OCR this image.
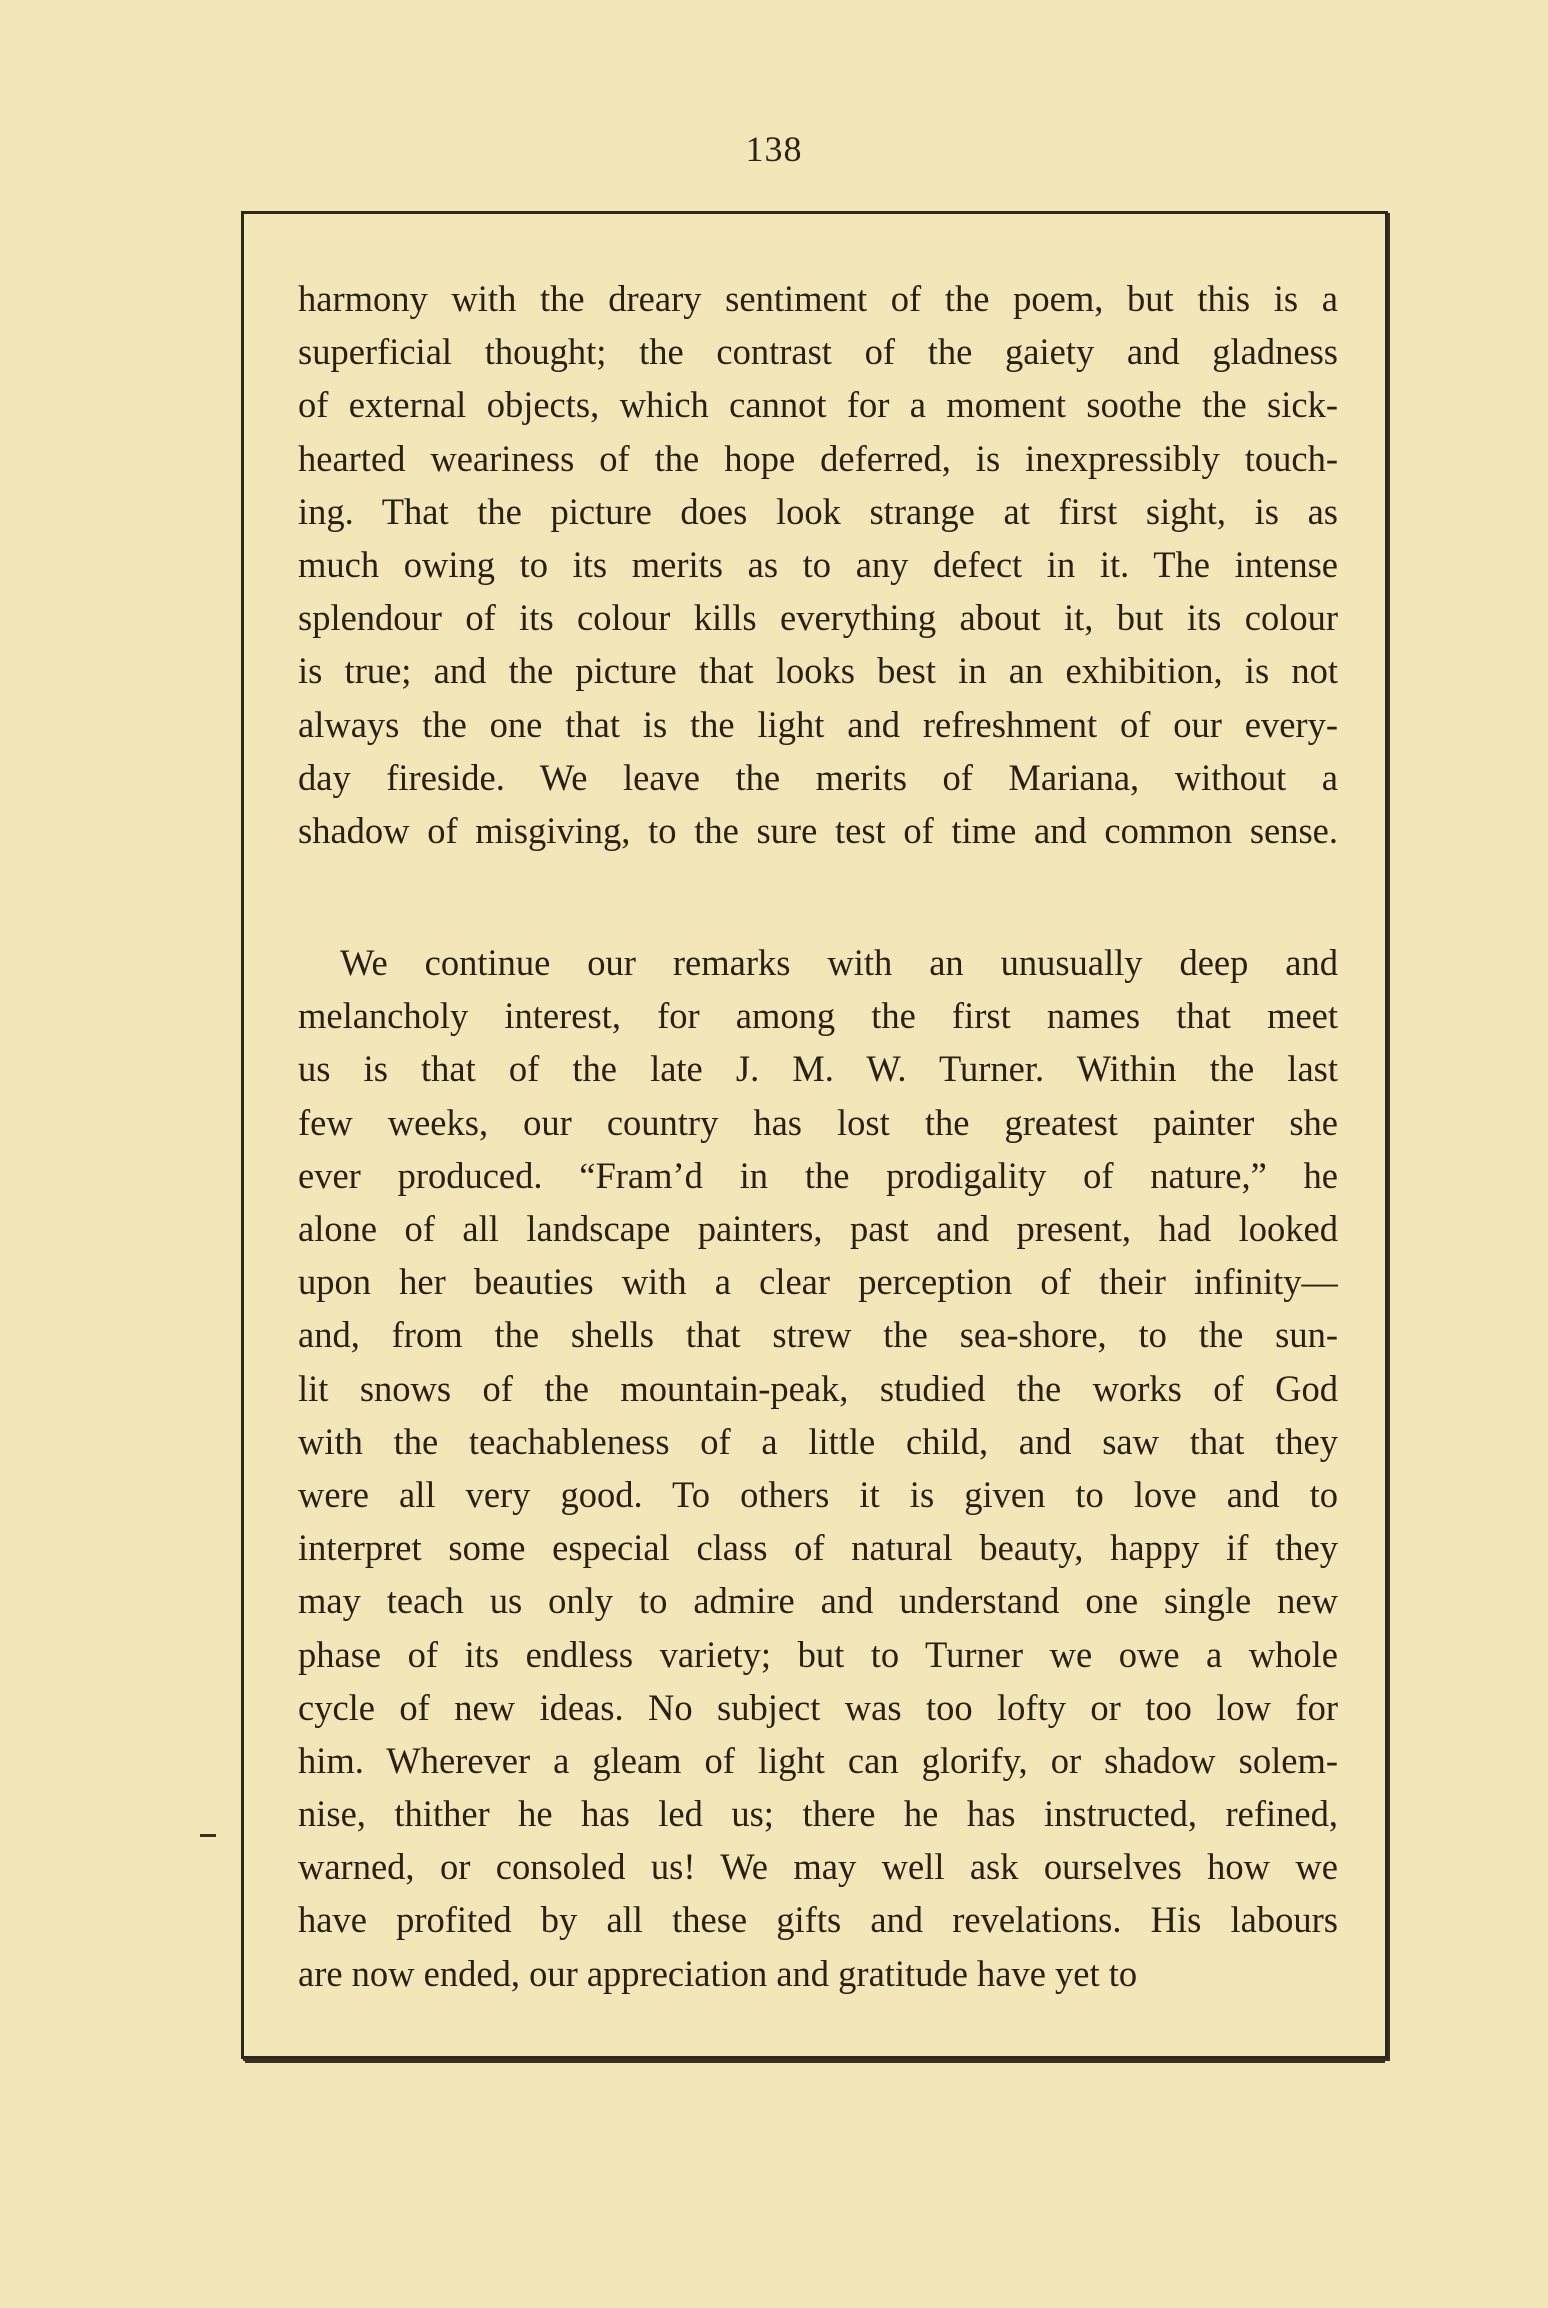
138
harmony with the dreary sentiment of the poem, but this is a
superficial thought; the contrast of the gaiety and gladness
of external objects, which cannot for a moment soothe the sick-
hearted weariness of the hope deferred, is inexpressibly touch-
ing. That the picture does look strange at first sight, is as
much owing to its merits as to any defect in it. The intense
splendour of its colour kills everything about it, but its colour
is true; and the picture that looks best in an exhibition, is not
always the one that is the light and refreshment of our every-
day fireside. We leave the merits of Mariana, without a
shadow of misgiving, to the sure test of time and common sense.
We continue our remarks with an unusually deep and
melancholy interest, for among the first names that meet
us is that of the late J. M. W. Turner. Within the last
few weeks, our country has lost the greatest painter she
ever produced. “Fram’d in the prodigality of nature,” he
alone of all landscape painters, past and present, had looked
upon her beauties with a clear perception of their infinity—
and, from the shells that strew the sea-shore, to the sun-
lit snows of the mountain-peak, studied the works of God
with the teachableness of a little child, and saw that they
were all very good. To others it is given to love and to
interpret some especial class of natural beauty, happy if they
may teach us only to admire and understand one single new
phase of its endless variety; but to Turner we owe a whole
cycle of new ideas. No subject was too lofty or too low for
him. Wherever a gleam of light can glorify, or shadow solem-
nise, thither he has led us; there he has instructed, refined,
warned, or consoled us! We may well ask ourselves how we
have profited by all these gifts and revelations. His labours
are now ended, our appreciation and gratitude have yet to
